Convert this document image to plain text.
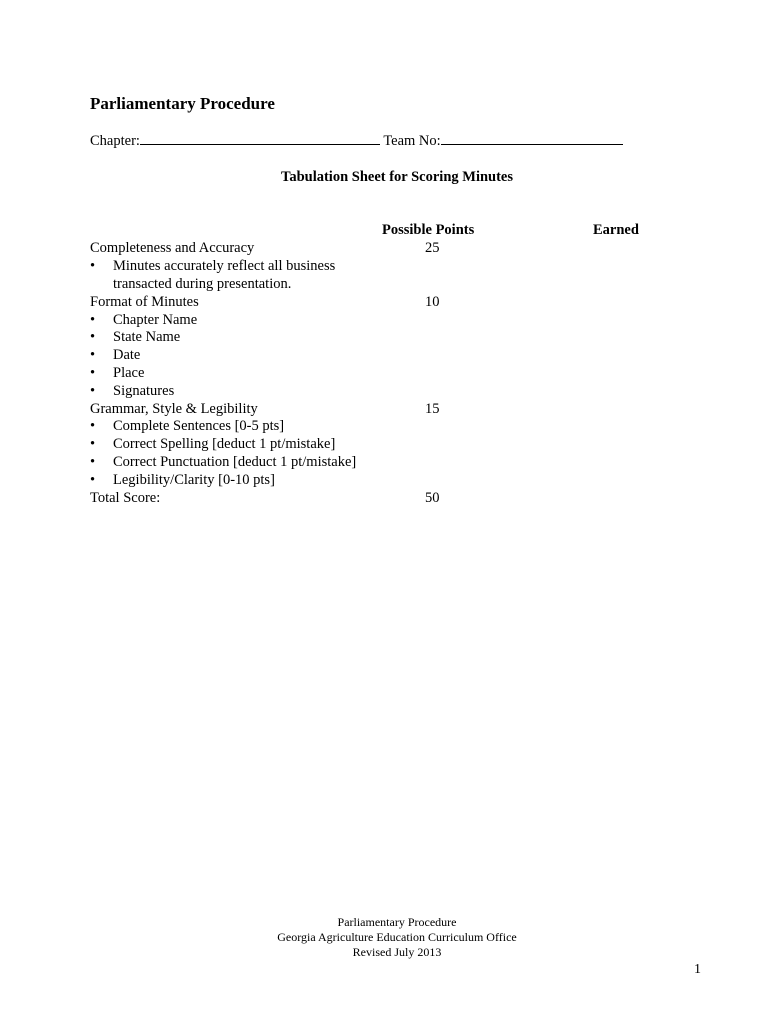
Parliamentary Procedure
Chapter:	Team No:
Tabulation Sheet for Scoring Minutes
Possible Points	Earned
Completeness and Accuracy	25
• Minutes accurately reflect all business
transacted during presentation.
Format of Minutes	10
• Chapter Name
• State Name
• Date
• Place
• Signatures
Grammar, Style & Legibility	15
• Complete Sentences [0-5 pts]
• Correct Spelling [deduct 1 pt/mistake]
• Correct Punctuation [deduct 1 pt/mistake]
• Legibility/Clarity [0-10 pts]
Total Score:	50
Parliamentary Procedure
Georgia Agriculture Education Curriculum Office
Revised July 2013
1
